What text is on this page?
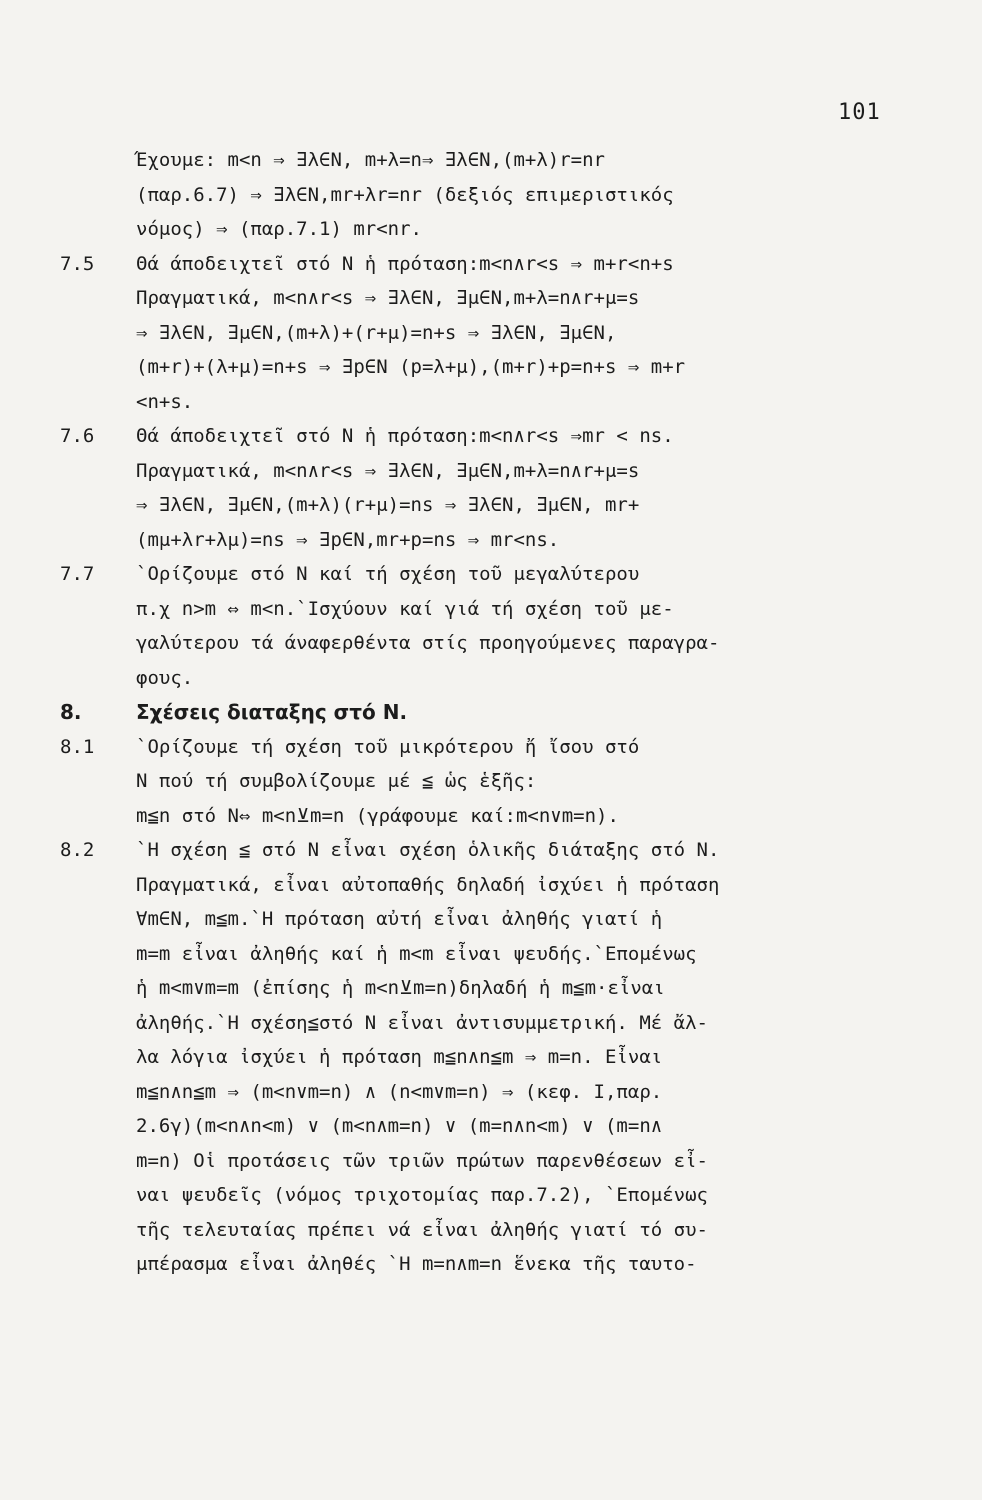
101
Έχουμε: m<n ⇒ ∃λ∈N, m+λ=n⇒ ∃λ∈N,(m+λ)r=nr
(παρ.6.7) ⇒ ∃λ∈N,mr+λr=nr (δεξιός επιμεριστικός
νόμος) ⇒ (παρ.7.1) mr<nr.
7.5	Θά άποδειχτεῖ στό N ἡ πρόταση:m<n∧r<s ⇒ m+r<n+s
Πραγματικά, m<n∧r<s ⇒ ∃λ∈N, ∃μ∈N,m+λ=n∧r+μ=s
⇒ ∃λ∈N, ∃μ∈N,(m+λ)+(r+μ)=n+s ⇒ ∃λ∈N, ∃μ∈N,
(m+r)+(λ+μ)=n+s ⇒ ∃p∈N (p=λ+μ),(m+r)+p=n+s ⇒ m+r
<n+s.
7.6	Θά άποδειχτεῖ στό N ἡ πρόταση:m<n∧r<s ⇒mr < ns.
Πραγματικά, m<n∧r<s ⇒ ∃λ∈N, ∃μ∈N,m+λ=n∧r+μ=s
⇒ ∃λ∈N, ∃μ∈N,(m+λ)(r+μ)=ns ⇒ ∃λ∈N, ∃μ∈N, mr+
(mμ+λr+λμ)=ns ⇒ ∃p∈N,mr+p=ns ⇒ mr<ns.
7.7	`Ορίζουμε στό N καί τή σχέση τοῦ μεγαλύτερου
π.χ n>m ⇔ m<n.`Ισχύουν καί γιά τή σχέση τοῦ με-
γαλύτερου τά άναφερθέντα στίς προηγούμενες παραγρα-
φους.
8.	Σχέσεις διαταξης στό N.
8.1	`Ορίζουμε τή σχέση τοῦ μικρότερου ἤ ἴσου στό
N πού τή συμβολίζουμε μέ ≦ ὡς ἑξῆς:
m≦n στό N⇔ m<n⊻m=n (γράφουμε καί:m<n∨m=n).
8.2	`Η σχέση ≦ στό N εἶναι σχέση ὁλικῆς διάταξης στό N.
Πραγματικά, εἶναι αὐτοπαθής δηλαδή ἰσχύει ἡ πρόταση
∀m∈N, m≦m.`Η πρόταση αὐτή εἶναι ἀληθής γιατί ἡ
m=m εἶναι ἀληθής καί ἡ m<m εἶναι ψευδής.`Επομένως
ἡ m<m∨m=m (ἐπίσης ἡ m<n⊻m=n)δηλαδή ἡ m≦m·εἶναι
ἀληθής.`Η σχέση≦στό N εἶναι ἀντισυμμετρική. Μέ ἄλ-
λα λόγια ἰσχύει ἡ πρόταση m≦n∧n≦m ⇒ m=n. Εἶναι
m≦n∧n≦m ⇒ (m<n∨m=n) ∧ (n<m∨m=n) ⇒ (κεφ. I,παρ.
2.6γ)(m<n∧n<m) ∨ (m<n∧m=n) ∨ (m=n∧n<m) ∨ (m=n∧
m=n) Οἱ προτάσεις τῶν τριῶν πρώτων παρενθέσεων εἶ-
ναι ψευδεῖς (νόμος τριχοτομίας παρ.7.2), `Επομένως
τῆς τελευταίας πρέπει νά εἶναι ἀληθής γιατί τό συ-
μπέρασμα εἶναι ἀληθές `Η m=n∧m=n ἕνεκα τῆς ταυτο-
